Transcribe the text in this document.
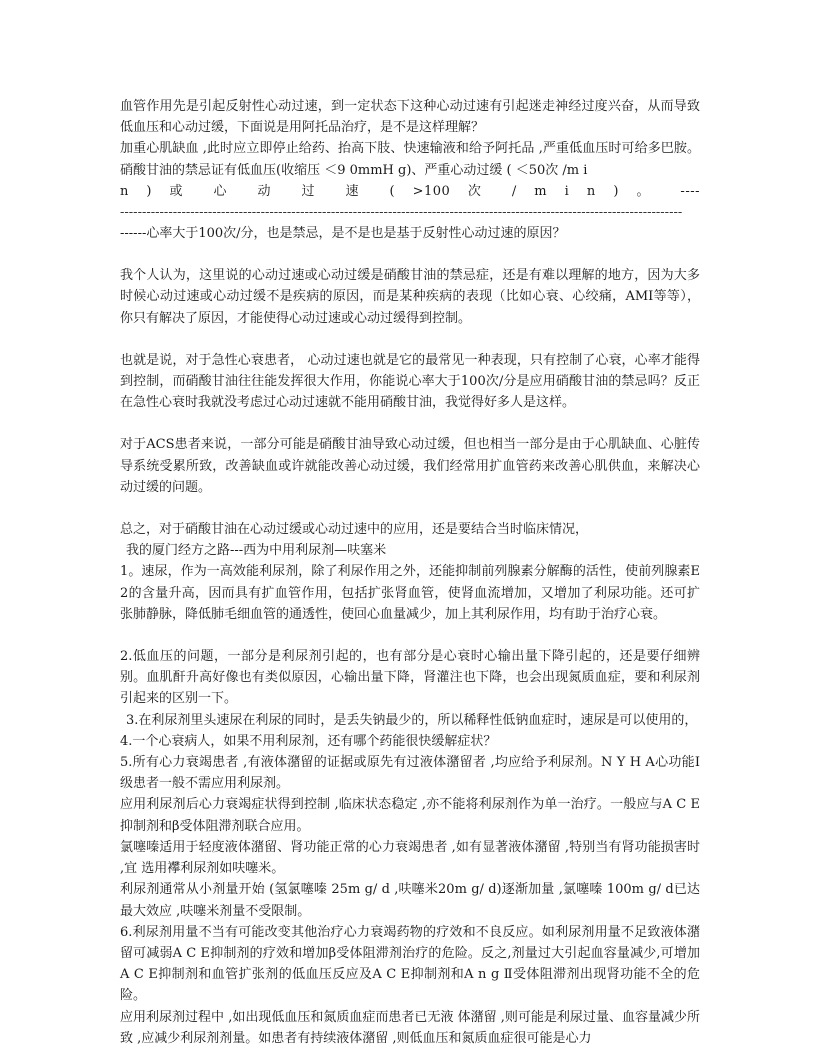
血管作用先是引起反射性心动过速，到一定状态下这种心动过速有引起迷走神经过度兴奋，从而导致低血压和心动过缓，下面说是用阿托品治疗，是不是这样理解？

加重心肌缺血 ,此时应立即停止给药、抬高下肢、快速输液和给予阿托品 ,严重低血压时可给多巴胺。硝酸甘油的禁忌证有低血压(收缩压 ＜9 0mmH g)、严重心动过缓 ( ＜50次 /m i

n ) 或 心 动 过 速 ( >100 次 / m i n ) 。 ----

--------------------------------------------------------------------------------------------------------------------------------

------心率大于100次/分，也是禁忌，是不是也是基于反射性心动过速的原因？

我个人认为，这里说的心动过速或心动过缓是硝酸甘油的禁忌症，还是有难以理解的地方，因为大多时候心动过速或心动过缓不是疾病的原因，而是某种疾病的表现（比如心衰、心绞痛，AMI等等），你只有解决了原因，才能使得心动过速或心动过缓得到控制。

也就是说，对于急性心衰患者， 心动过速也就是它的最常见一种表现，只有控制了心衰，心率才能得到控制，而硝酸甘油往往能发挥很大作用，你能说心率大于100次/分是应用硝酸甘油的禁忌吗？反正在急性心衰时我就没考虑过心动过速就不能用硝酸甘油，我觉得好多人是这样。

对于ACS患者来说，一部分可能是硝酸甘油导致心动过缓，但也相当一部分是由于心肌缺血、心脏传导系统受累所致，改善缺血或许就能改善心动过缓，我们经常用扩血管药来改善心肌供血，来解决心动过缓的问题。

总之，对于硝酸甘油在心动过缓或心动过速中的应用，还是要结合当时临床情况，

我的厦门经方之路---西为中用利尿剂—呋塞米

1。速尿，作为一高效能利尿剂，除了利尿作用之外，还能抑制前列腺素分解酶的活性，使前列腺素E2的含量升高，因而具有扩血管作用，包括扩张肾血管，使肾血流增加，又增加了利尿功能。还可扩张肺静脉，降低肺毛细血管的通透性，使回心血量减少，加上其利尿作用，均有助于治疗心衰。

2.低血压的问题，一部分是利尿剂引起的，也有部分是心衰时心输出量下降引起的，还是要仔细辨别。血肌酐升高好像也有类似原因，心输出量下降，肾灌注也下降，也会出现氮质血症，要和利尿剂引起来的区别一下。

3.在利尿剂里头速尿在利尿的同时，是丢失钠最少的，所以稀释性低钠血症时，速尿是可以使用的，

4.一个心衰病人，如果不用利尿剂，还有哪个药能很快缓解症状？

5.所有心力衰竭患者 ,有液体潴留的证据或原先有过液体潴留者 ,均应给予利尿剂。N Y H A心功能Ⅰ级患者一般不需应用利尿剂。

应用利尿剂后心力衰竭症状得到控制 ,临床状态稳定 ,亦不能将利尿剂作为单一治疗。一般应与A C E抑制剂和β受体阻滞剂联合应用。

氯噻嗪适用于轻度液体潴留、肾功能正常的心力衰竭患者 ,如有显著液体潴留 ,特别当有肾功能损害时 ,宜 选用襻利尿剂如呋噻米。

利尿剂通常从小剂量开始 (氢氯噻嗪 25m g/ d ,呋噻米20m g/ d)逐渐加量 ,氯噻嗪 100m g/ d已达最大效应 ,呋噻米剂量不受限制。

6.利尿剂用量不当有可能改变其他治疗心力衰竭药物的疗效和不良反应。如利尿剂用量不足致液体潴留可减弱A C E抑制剂的疗效和增加β受体阻滞剂治疗的危险。反之,剂量过大引起血容量减少,可增加A C E抑制剂和血管扩张剂的低血压反应及A C E抑制剂和A n g Ⅱ受体阻滞剂出现肾功能不全的危险。

应用利尿剂过程中 ,如出现低血压和氮质血症而患者已无液 体潴留 ,则可能是利尿过量、血容量减少所致 ,应减少利尿剂剂量。如患者有持续液体潴留 ,则低血压和氮质血症很可能是心力
